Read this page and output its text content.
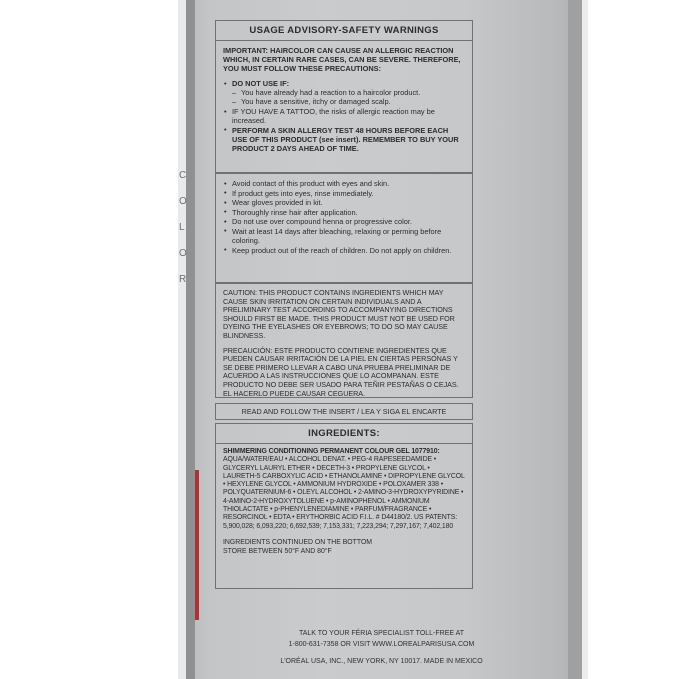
C
O
L
O
R
USAGE ADVISORY-SAFETY WARNINGS
IMPORTANT: HAIRCOLOR CAN CAUSE AN ALLERGIC REACTION WHICH, IN CERTAIN RARE CASES, CAN BE SEVERE. THEREFORE, YOU MUST FOLLOW THESE PRECAUTIONS:
• DO NOT USE IF:
– You have already had a reaction to a haircolor product.
– You have a sensitive, itchy or damaged scalp.
• IF YOU HAVE A TATTOO, the risks of allergic reaction may be increased.
• PERFORM A SKIN ALLERGY TEST 48 HOURS BEFORE EACH USE OF THIS PRODUCT (see insert). REMEMBER TO BUY YOUR PRODUCT 2 DAYS AHEAD OF TIME.
• Avoid contact of this product with eyes and skin.
• If product gets into eyes, rinse immediately.
• Wear gloves provided in kit.
• Thoroughly rinse hair after application.
• Do not use over compound henna or progressive color.
• Wait at least 14 days after bleaching, relaxing or perming before coloring.
• Keep product out of the reach of children. Do not apply on children.
CAUTION: THIS PRODUCT CONTAINS INGREDIENTS WHICH MAY CAUSE SKIN IRRITATION ON CERTAIN INDIVIDUALS AND A PRELIMINARY TEST ACCORDING TO ACCOMPANYING DIRECTIONS SHOULD FIRST BE MADE. THIS PRODUCT MUST NOT BE USED FOR DYEING THE EYELASHES OR EYEBROWS; TO DO SO MAY CAUSE BLINDNESS.
PRECAUCIÓN: ESTE PRODUCTO CONTIENE INGREDIENTES QUE PUEDEN CAUSAR IRRITACIÓN DE LA PIEL EN CIERTAS PERSONAS Y SE DEBE PRIMERO LLEVAR A CABO UNA PRUEBA PRELIMINAR DE ACUERDO A LAS INSTRUCCIONES QUE LO ACOMPANAN. ESTE PRODUCTO NO DEBE SER USADO PARA TEÑIR PESTAÑAS O CEJAS. EL HACERLO PUEDE CAUSAR CEGUERA.
READ AND FOLLOW THE INSERT / LEA Y SIGA EL ENCARTE
INGREDIENTS:
SHIMMERING CONDITIONING PERMANENT COLOUR GEL 1077910: AQUA/WATER/EAU • ALCOHOL DENAT. • PEG-4 RAPESEEDAMIDE • GLYCERYL LAURYL ETHER • DECETH-3 • PROPYLENE GLYCOL • LAURETH-5 CARBOXYLIC ACID • ETHANOLAMINE • DIPROPYLENE GLYCOL • HEXYLENE GLYCOL • AMMONIUM HYDROXIDE • POLOXAMER 338 • POLYQUATERNIUM-6 • OLEYL ALCOHOL • 2-AMINO-3-HYDROXYPYRIDINE • 4-AMINO-2-HYDROXYTOLUENE • p-AMINOPHENOL • AMMONIUM THIOLACTATE • p-PHENYLENEDIAMINE • PARFUM/FRAGRANCE • RESORCINOL • EDTA • ERYTHORBIC ACID F.I.L. # D44180/2. US PATENTS: 5,900,028; 6,093,220; 6,692,539; 7,153,331; 7,223,294; 7,297,167; 7,402,180
INGREDIENTS CONTINUED ON THE BOTTOM
STORE BETWEEN 50°F AND 80°F
TALK TO YOUR FÉRIA SPECIALIST TOLL-FREE AT
1-800-631-7358 OR VISIT WWW.LOREALPARISUSA.COM
L'ORÉAL USA, INC., NEW YORK, NY 10017. MADE IN MEXICO
